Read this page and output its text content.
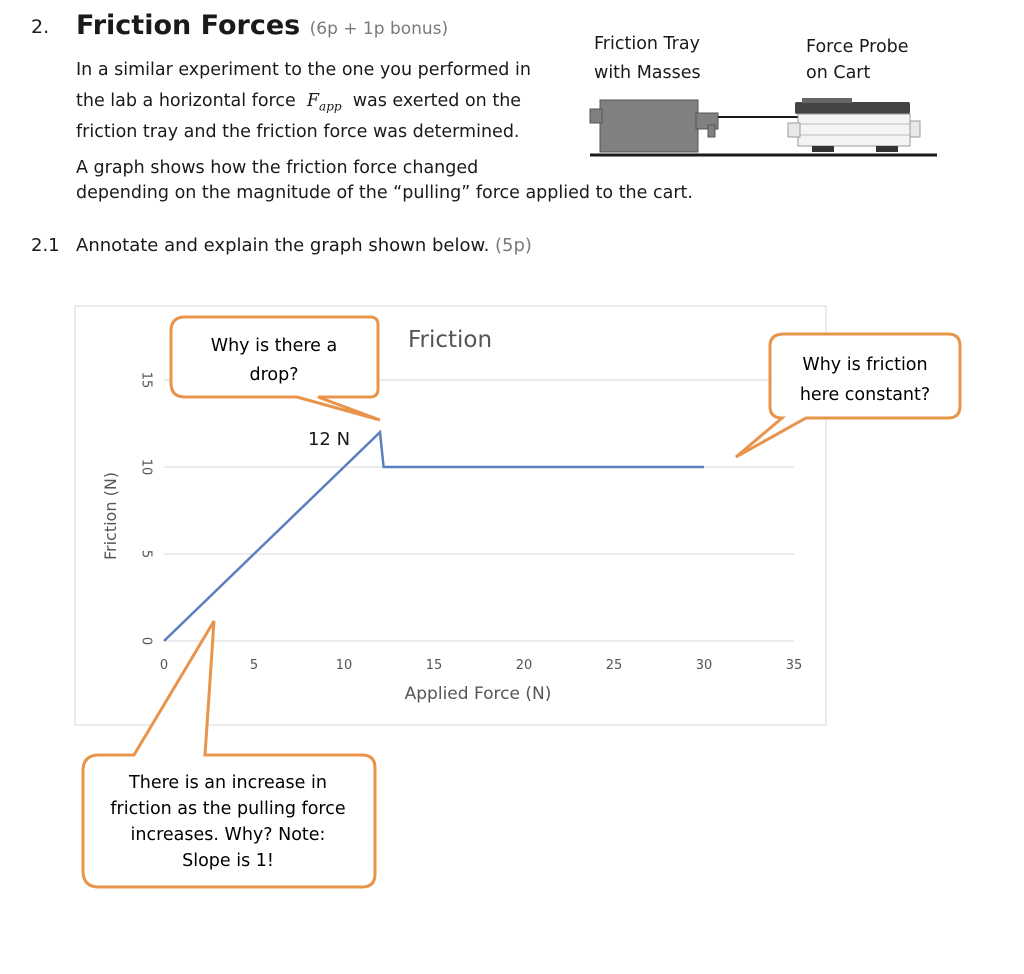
2. Friction Forces (6p + 1p bonus)
In a similar experiment to the one you performed in
the lab a horizontal force $F_{app}$ was exerted on the
friction tray and the friction force was determined.
A graph shows how the friction force changed
depending on the magnitude of the “pulling” force applied to the cart.
Friction Tray
with Masses
Force Probe
on Cart
2.1 Annotate and explain the graph shown below. (5p)
0
5
10
15
0	5	10	15	20	25	30	35
Friction
Applied Force (N)
Friction (N)
12 N
Why is there a
drop?	Why is friction
here constant?
There is an increase in
friction as the pulling force
increases. Why? Note:
Slope is 1!
